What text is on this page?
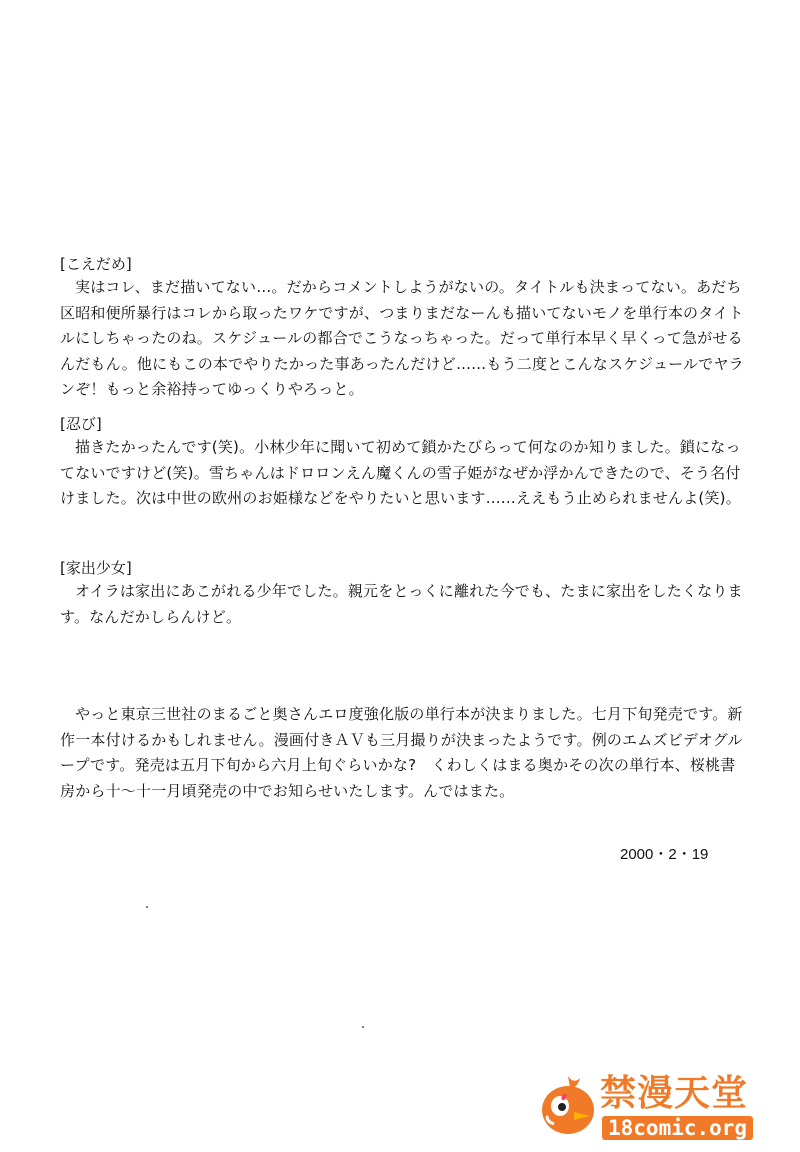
[こえだめ]

実はコレ、まだ描いてない…。だからコメントしようがないの。タイトルも決まってない。あだち区昭和便所暴行はコレから取ったワケですが、つまりまだなーんも描いてないモノを単行本のタイトルにしちゃったのね。スケジュールの都合でこうなっちゃった。だって単行本早く早くって急がせるんだもん。他にもこの本でやりたかった事あったんだけど……もう二度とこんなスケジュールでヤランぞ！もっと余裕持ってゆっくりやろっと。

[忍び]

描きたかったんです(笑)。小林少年に聞いて初めて鎖かたびらって何なのか知りました。鎖になってないですけど(笑)。雪ちゃんはドロロンえん魔くんの雪子姫がなぜか浮かんできたので、そう名付けました。次は中世の欧州のお姫様などをやりたいと思います……ええもう止められませんよ(笑)。

[家出少女]

オイラは家出にあこがれる少年でした。親元をとっくに離れた今でも、たまに家出をしたくなります。なんだかしらんけど。

やっと東京三世社のまるごと奥さんエロ度強化版の単行本が決まりました。七月下旬発売です。新作一本付けるかもしれません。漫画付きＡＶも三月撮りが決まったようです。例のエムズビデオグループです。発売は五月下旬から六月上旬ぐらいかな?　くわしくはまる奥かその次の単行本、桜桃書房から十〜十一月頃発売の中でお知らせいたします。んではまた。

2000・2・19
禁漫天堂
18comic.org
